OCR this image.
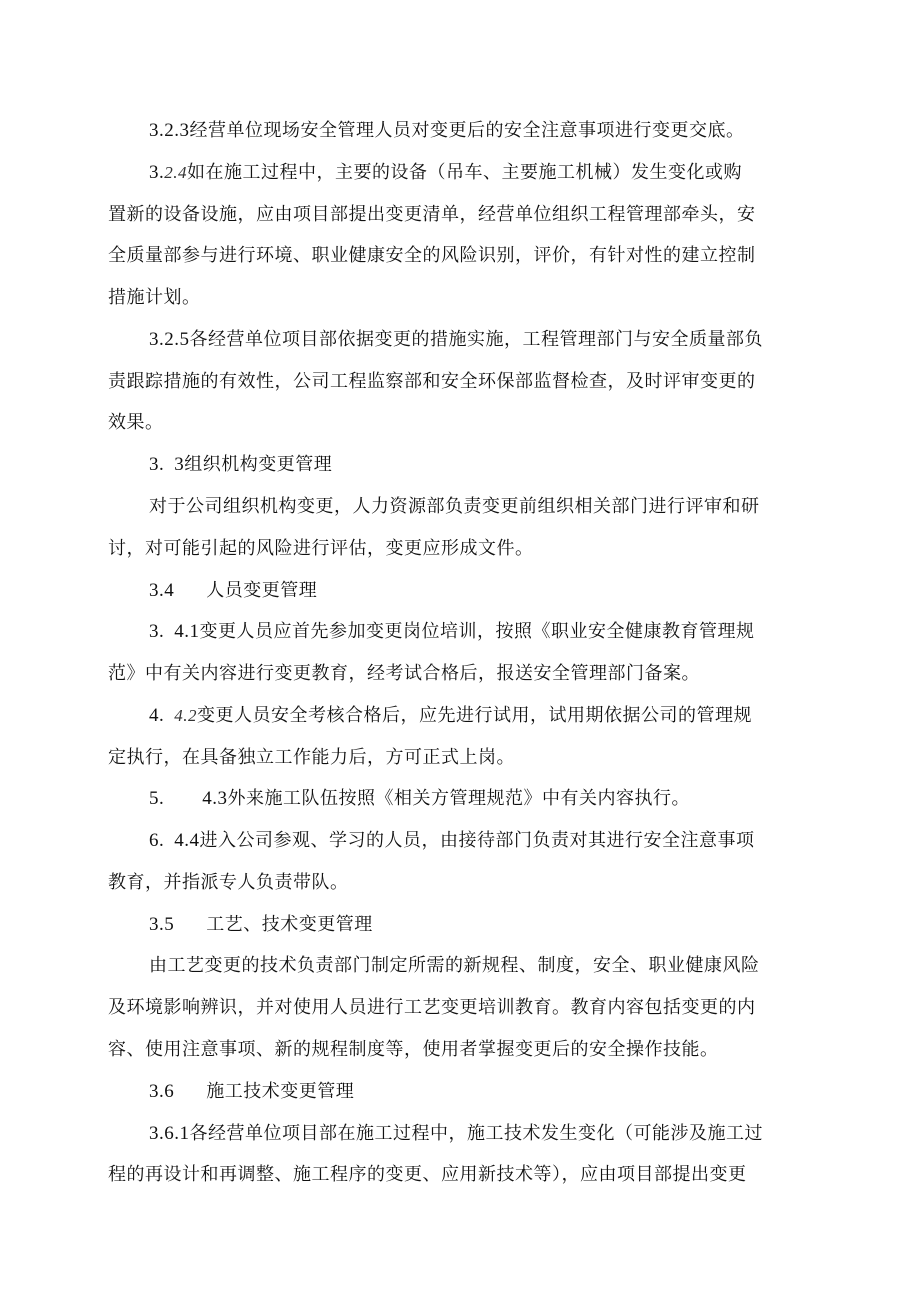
3.2.3经营单位现场安全管理人员对变更后的安全注意事项进行变更交底。
3.2.4如在施工过程中，主要的设备（吊车、主要施工机械）发生变化或购
置新的设备设施，应由项目部提出变更清单，经营单位组织工程管理部牵头，安
全质量部参与进行环境、职业健康安全的风险识别，评价，有针对性的建立控制
措施计划。
3.2.5各经营单位项目部依据变更的措施实施，工程管理部门与安全质量部负
责跟踪措施的有效性，公司工程监察部和安全环保部监督检查，及时评审变更的
效果。
3. 3组织机构变更管理
对于公司组织机构变更，人力资源部负责变更前组织相关部门进行评审和研
讨，对可能引起的风险进行评估，变更应形成文件。
3.4 人员变更管理
3. 4.1变更人员应首先参加变更岗位培训，按照《职业安全健康教育管理规
范》中有关内容进行变更教育，经考试合格后，报送安全管理部门备案。
4. 4.2变更人员安全考核合格后，应先进行试用，试用期依据公司的管理规
定执行，在具备独立工作能力后，方可正式上岗。
5. 4.3外来施工队伍按照《相关方管理规范》中有关内容执行。
6. 4.4进入公司参观、学习的人员，由接待部门负责对其进行安全注意事项
教育，并指派专人负责带队。
3.5 工艺、技术变更管理
由工艺变更的技术负责部门制定所需的新规程、制度，安全、职业健康风险
及环境影响辨识，并对使用人员进行工艺变更培训教育。教育内容包括变更的内
容、使用注意事项、新的规程制度等，使用者掌握变更后的安全操作技能。
3.6 施工技术变更管理
3.6.1各经营单位项目部在施工过程中，施工技术发生变化（可能涉及施工过
程的再设计和再调整、施工程序的变更、应用新技术等），应由项目部提出变更
